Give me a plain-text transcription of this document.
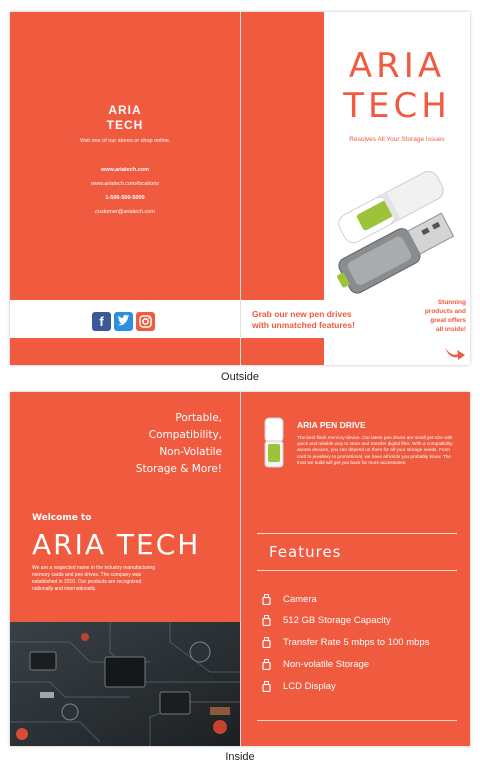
ARIA
TECH
Visit one of our stores or shop online.
www.ariatech.com
www.ariatech.com/locations
1-500-500-5000
customer@ariatech.com
f
ARIA
TECH
Resolves All Your Storage Issues
Grab our new pen drives
with unmatched features!
Stunning
products and
great offers
all inside!
Outside
Portable,
Compatibility,
Non-Volatile
Storage & More!
Welcome to
ARIA TECH
We are a respected name in the industry manufacturing memory cards and pen drives. The company was established in 2010. Our products are recognized nationally and internationally.
ARIA PEN DRIVE
The best flash memory device. Our latest pen drives are small yet size with quick and reliable way to store and transfer digital files. With a compatibility across devices, you can depend on them for all your storage needs. From card to jewellery to promotional, we have all kinds you probably know. The trust we build will get you back for more accessories.
Features
Camera
512 GB Storage Capacity
Transfer Rate 5 mbps to 100 mbps
Non-volatile Storage
LCD Display
Inside
